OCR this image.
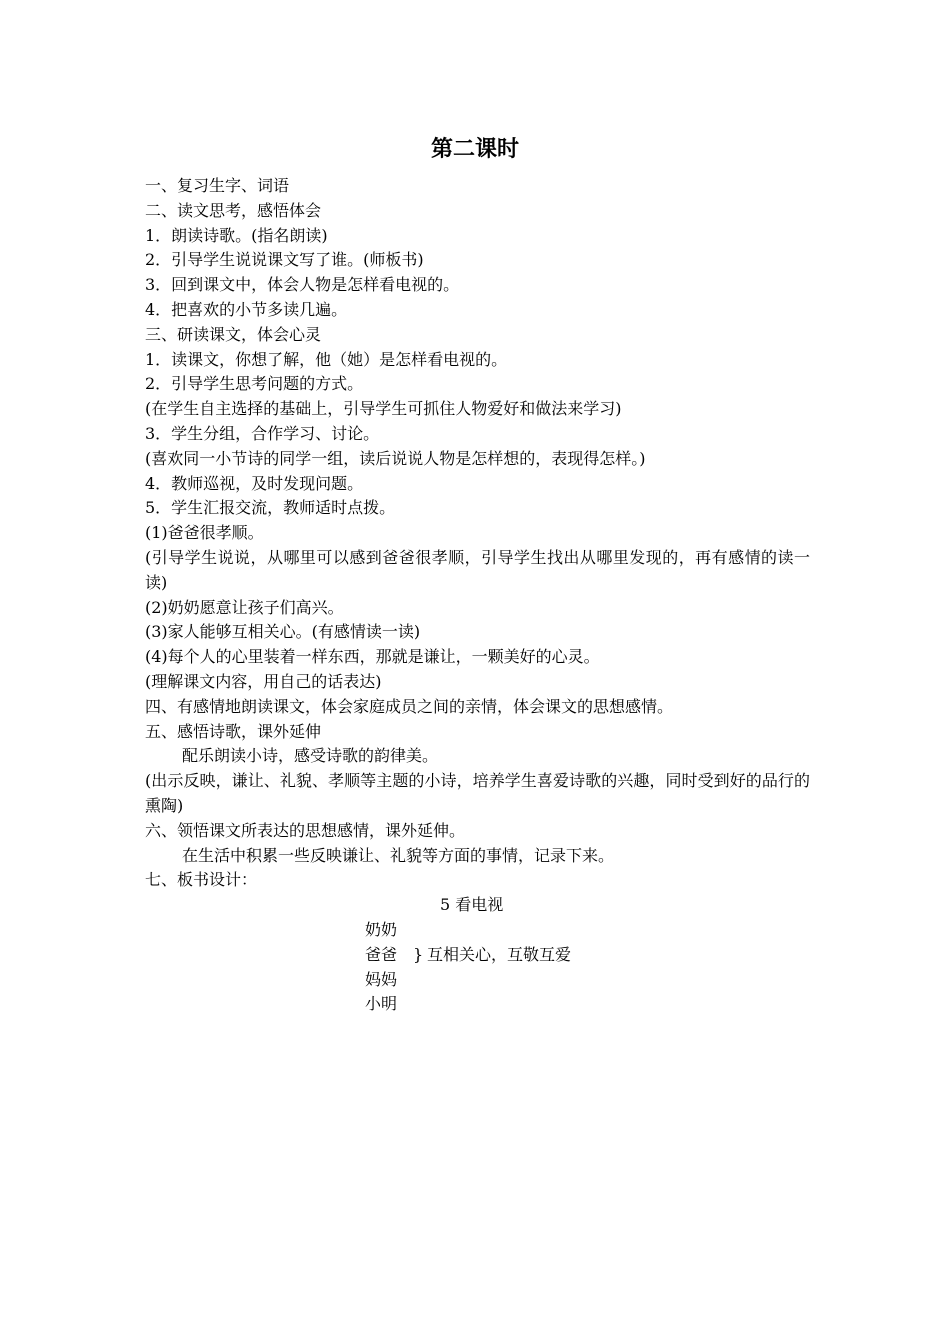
第二课时
一、复习生字、词语
二、读文思考，感悟体会
1．朗读诗歌。(指名朗读)
2．引导学生说说课文写了谁。(师板书)
3．回到课文中，体会人物是怎样看电视的。
4．把喜欢的小节多读几遍。
三、研读课文，体会心灵
1．读课文，你想了解，他（她）是怎样看电视的。
2．引导学生思考问题的方式。
(在学生自主选择的基础上，引导学生可抓住人物爱好和做法来学习)
3．学生分组，合作学习、讨论。
(喜欢同一小节诗的同学一组，读后说说人物是怎样想的，表现得怎样。)
4．教师巡视，及时发现问题。
5．学生汇报交流，教师适时点拨。
(1)爸爸很孝顺。
(引导学生说说，从哪里可以感到爸爸很孝顺，引导学生找出从哪里发现的，再有感情的读一读)
(2)奶奶愿意让孩子们高兴。
(3)家人能够互相关心。(有感情读一读)
(4)每个人的心里装着一样东西，那就是谦让，一颗美好的心灵。
(理解课文内容，用自己的话表达)
四、有感情地朗读课文，体会家庭成员之间的亲情，体会课文的思想感情。
五、感悟诗歌，课外延伸
配乐朗读小诗，感受诗歌的韵律美。
(出示反映，谦让、礼貌、孝顺等主题的小诗，培养学生喜爱诗歌的兴趣，同时受到好的品行的熏陶)
六、领悟课文所表达的思想感情，课外延伸。
在生活中积累一些反映谦让、礼貌等方面的事情，记录下来。
七、板书设计：
5 看电视
奶奶
爸爸 } 互相关心，互敬互爱
妈妈
小明
